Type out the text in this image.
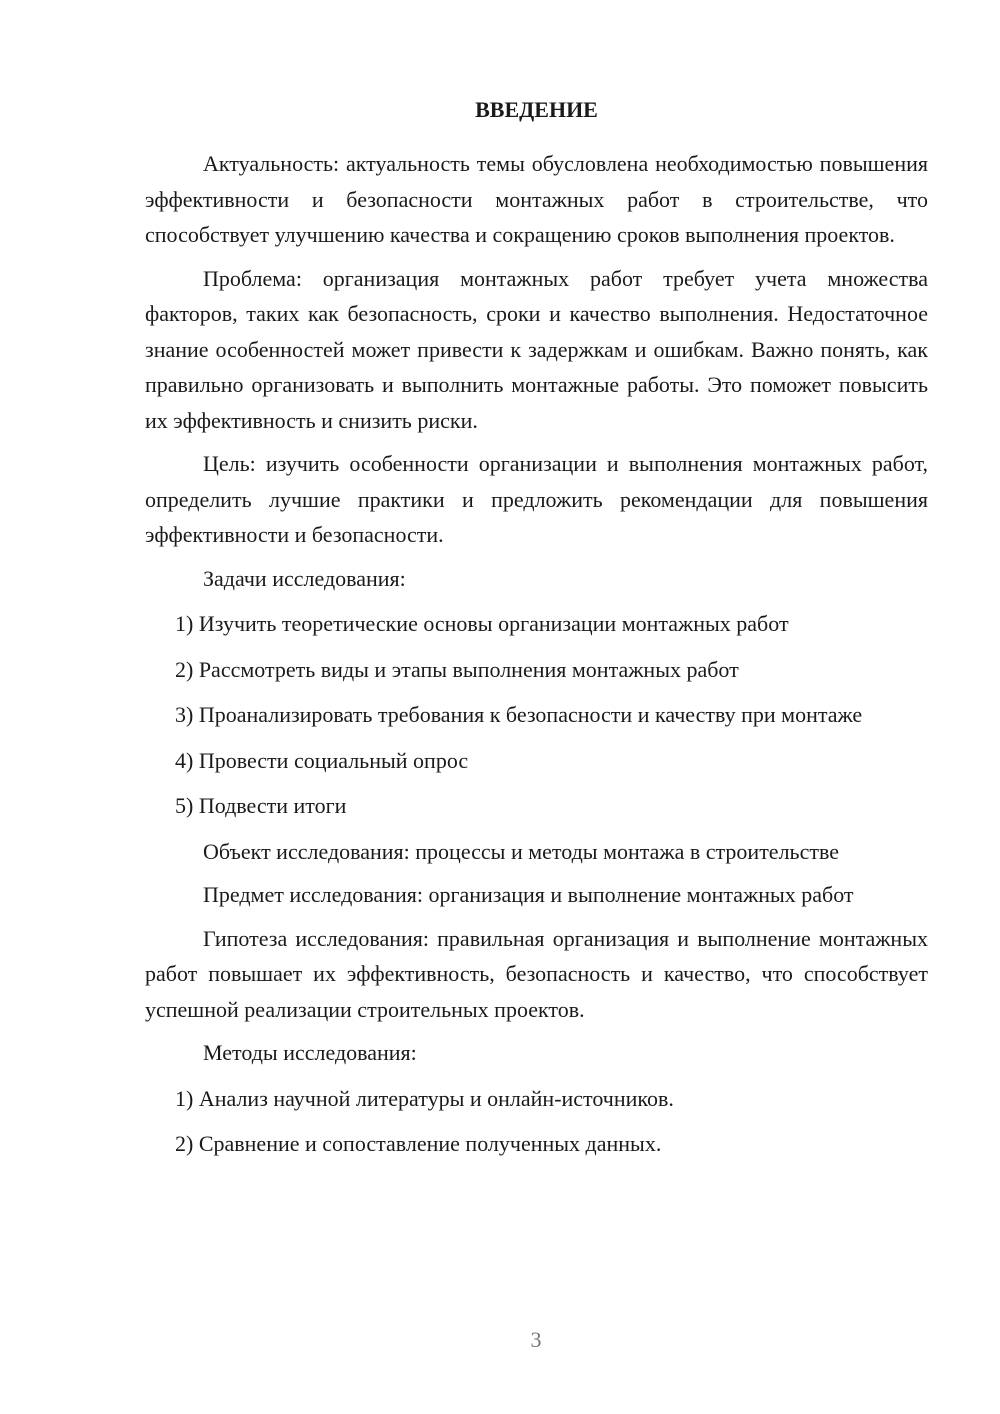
ВВЕДЕНИЕ

Актуальность: актуальность темы обусловлена необходимостью повышения эффективности и безопасности монтажных работ в строительстве, что способствует улучшению качества и сокращению сроков выполнения проектов.

Проблема: организация монтажных работ требует учета множества факторов, таких как безопасность, сроки и качество выполнения. Недостаточное знание особенностей может привести к задержкам и ошибкам. Важно понять, как правильно организовать и выполнить монтажные работы. Это поможет повысить их эффективность и снизить риски.

Цель: изучить особенности организации и выполнения монтажных работ, определить лучшие практики и предложить рекомендации для повышения эффективности и безопасности.

Задачи исследования:

1) Изучить теоретические основы организации монтажных работ

2) Рассмотреть виды и этапы выполнения монтажных работ

3) Проанализировать требования к безопасности и качеству при монтаже

4) Провести социальный опрос

5) Подвести итоги

Объект исследования: процессы и методы монтажа в строительстве

Предмет исследования: организация и выполнение монтажных работ

Гипотеза исследования: правильная организация и выполнение монтажных работ повышает их эффективность, безопасность и качество, что способствует успешной реализации строительных проектов.

Методы исследования:

1) Анализ научной литературы и онлайн-источников.

2) Сравнение и сопоставление полученных данных.

3
